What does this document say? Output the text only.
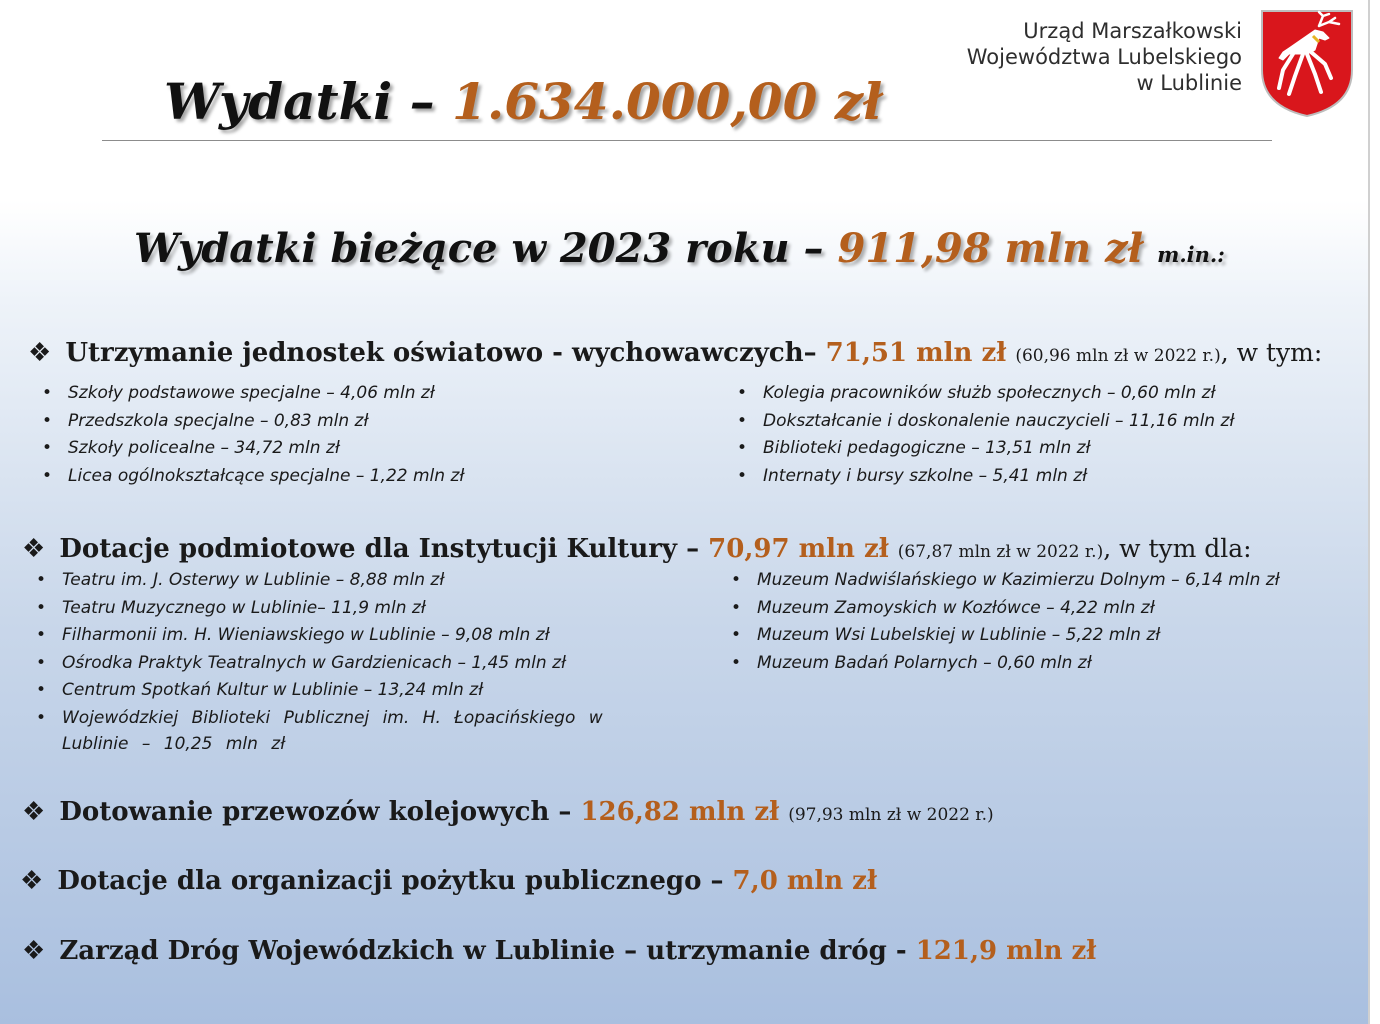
Wydatki – 1.634.000,00 zł
Urząd Marszałkowski
Województwa Lubelskiego
w Lublinie
Wydatki bieżące w 2023 roku – 911,98 mln zł m.in.:

❖ Utrzymanie jednostek oświatowo - wychowawczych– 71,51 mln zł (60,96 mln zł w 2022 r.), w tym:

• Szkoły podstawowe specjalne – 4,06 mln zł
• Przedszkola specjalne – 0,83 mln zł
• Szkoły policealne – 34,72 mln zł
• Licea ogólnokształcące specjalne – 1,22 mln zł
• Kolegia pracowników służb społecznych – 0,60 mln zł
• Dokształcanie i doskonalenie nauczycieli – 11,16 mln zł
• Biblioteki pedagogiczne – 13,51 mln zł
• Internaty i bursy szkolne – 5,41 mln zł

❖ Dotacje podmiotowe dla Instytucji Kultury – 70,97 mln zł (67,87 mln zł w 2022 r.), w tym dla:

• Teatru im. J. Osterwy w Lublinie – 8,88 mln zł
• Teatru Muzycznego w Lublinie– 11,9 mln zł
• Filharmonii im. H. Wieniawskiego w Lublinie – 9,08 mln zł
• Ośrodka Praktyk Teatralnych w Gardzienicach – 1,45 mln zł
• Centrum Spotkań Kultur w Lublinie – 13,24 mln zł
• Wojewódzkiej Biblioteki Publicznej im. H. Łopacińskiego w Lublinie – 10,25 mln zł
• Muzeum Nadwiślańskiego w Kazimierzu Dolnym – 6,14 mln zł
• Muzeum Zamoyskich w Kozłówce – 4,22 mln zł
• Muzeum Wsi Lubelskiej w Lublinie – 5,22 mln zł
• Muzeum Badań Polarnych – 0,60 mln zł

❖ Dotowanie przewozów kolejowych – 126,82 mln zł (97,93 mln zł w 2022 r.)

❖ Dotacje dla organizacji pożytku publicznego – 7,0 mln zł

❖ Zarząd Dróg Wojewódzkich w Lublinie – utrzymanie dróg - 121,9 mln zł
